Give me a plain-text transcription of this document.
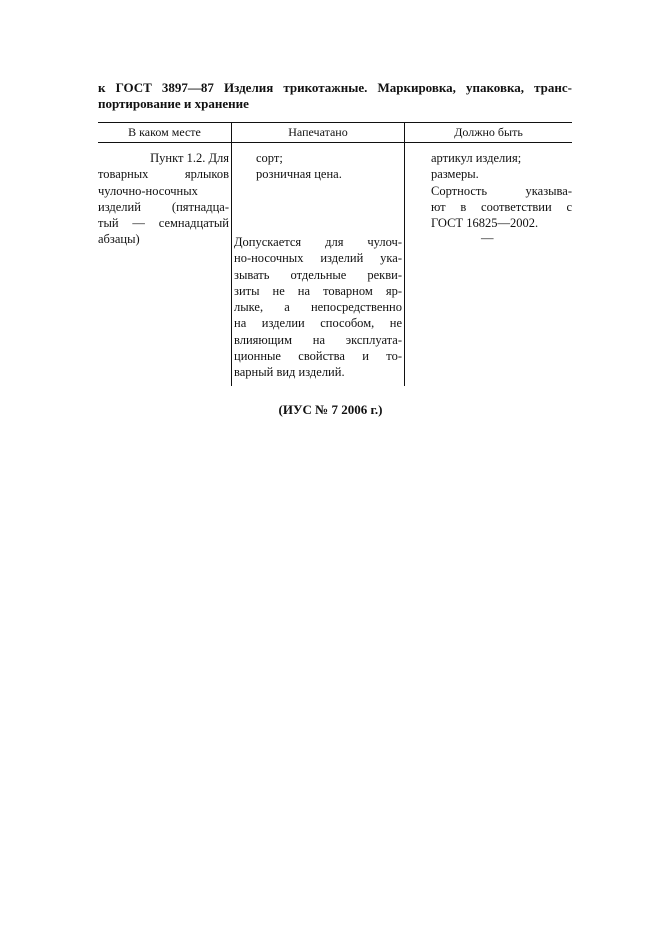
к ГОСТ 3897—87 Изделия трикотажные. Маркировка, упаковка, транс-
портирование и хранение
В каком месте	Напечатано	Должно быть
Пункт 1.2. Для
товарных ярлыков
чулочно-носочных
изделий (пятнадца-
тый — семнадцатый
абзацы)
сорт;
розничная цена.
артикул изделия;
размеры.
Сортность указыва-
ют в соответствии с
ГОСТ 16825—2002.
Допускается для чулоч-
но-носочных изделий ука-
зывать отдельные рекви-
зиты не на товарном яр-
лыке, а непосредственно
на изделии способом, не
влияющим на эксплуата-
ционные свойства и то-
варный вид изделий.
—
(ИУС № 7 2006 г.)
